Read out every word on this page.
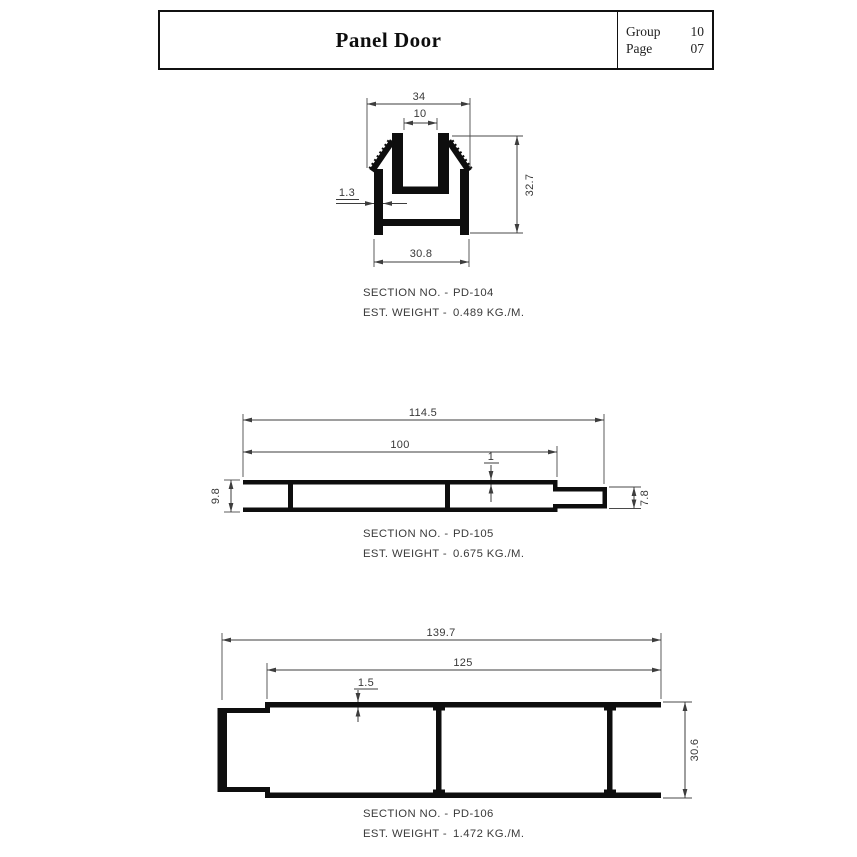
Panel Door	Group 10
Page	07
34
10
1.3	32.7
30.8
SECTION NO. - PD-104
EST. WEIGHT - 0.489 KG./M.
114.5
100
1
9.8	7.8
SECTION NO. - PD-105
EST. WEIGHT - 0.675 KG./M.
139.7
125
1.5
30.6
SECTION NO. - PD-106
EST. WEIGHT - 1.472 KG./M.
